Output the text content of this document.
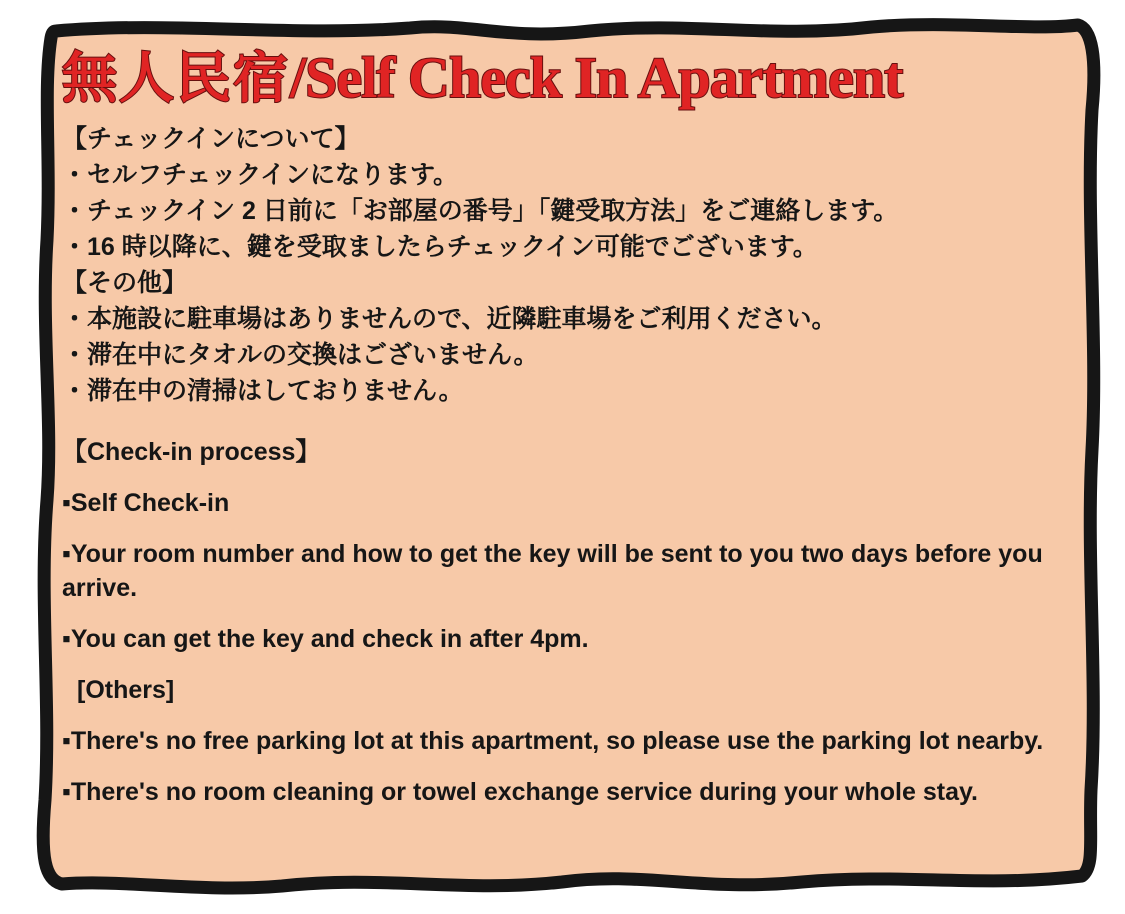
無人民宿/Self Check In Apartment
【チェックインについて】
・セルフチェックインになります。
・チェックイン 2 日前に「お部屋の番号」「鍵受取方法」をご連絡します。
・16 時以降に、鍵を受取ましたらチェックイン可能でございます。
【その他】
・本施設に駐車場はありませんので、近隣駐車場をご利用ください。
・滞在中にタオルの交換はございません。
・滞在中の清掃はしておりません。

【Check-in process】

▪Self Check-in

▪Your room number and how to get the key will be sent to you two days before you arrive.

▪You can get the key and check in after 4pm.

[Others]

▪There's no free parking lot at this apartment, so please use the parking lot nearby.

▪There's no room cleaning or towel exchange service during your whole stay.
